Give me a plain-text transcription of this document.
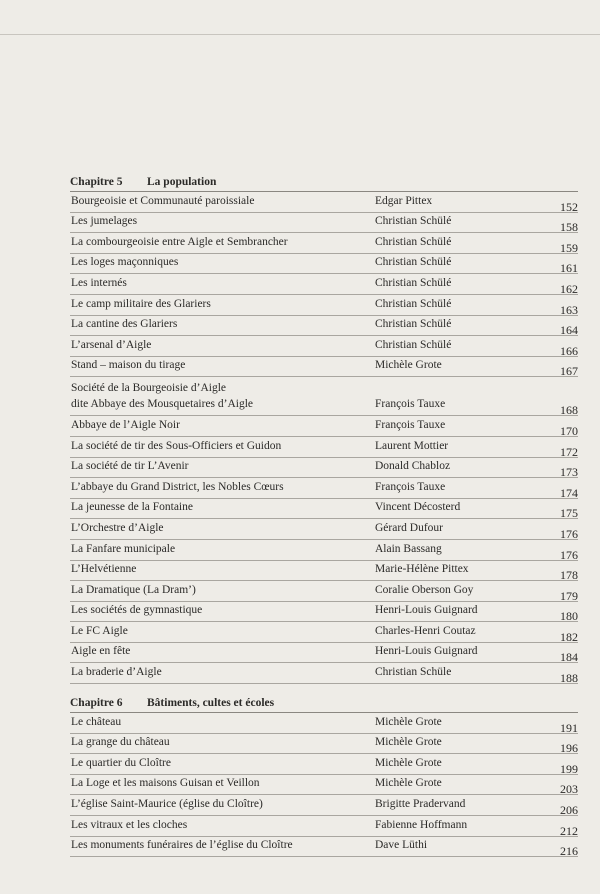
Chapitre 5 La population
Bourgeoisie et Communauté paroissiale	Edgar Pittex	152
Les jumelages	Christian Schülé	158
La combourgeoisie entre Aigle et Sembrancher	Christian Schülé	159
Les loges maçonniques	Christian Schülé	161
Les internés	Christian Schülé	162
Le camp militaire des Glariers	Christian Schülé	163
La cantine des Glariers	Christian Schülé	164
L’arsenal d’Aigle	Christian Schülé	166
Stand – maison du tirage	Michèle Grote	167
Société de la Bourgeoisie d’Aigle
dite Abbaye des Mousquetaires d’Aigle	François Tauxe	168
Abbaye de l’Aigle Noir	François Tauxe	170
La société de tir des Sous-Officiers et Guidon	Laurent Mottier	172
La société de tir L’Avenir	Donald Chabloz	173
L’abbaye du Grand District, les Nobles Cœurs	François Tauxe	174
La jeunesse de la Fontaine	Vincent Décosterd	175
L’Orchestre d’Aigle	Gérard Dufour	176
La Fanfare municipale	Alain Bassang	176
L’Helvétienne	Marie-Hélène Pittex	178
La Dramatique (La Dram’)	Coralie Oberson Goy	179
Les sociétés de gymnastique	Henri-Louis Guignard	180
Le FC Aigle	Charles-Henri Coutaz	182
Aigle en fête	Henri-Louis Guignard	184
La braderie d’Aigle	Christian Schüle	188
Chapitre 6 Bâtiments, cultes et écoles
Le château	Michèle Grote	191
La grange du château	Michèle Grote	196
Le quartier du Cloître	Michèle Grote	199
La Loge et les maisons Guisan et Veillon	Michèle Grote	203
L’église Saint-Maurice (église du Cloître)	Brigitte Pradervand	206
Les vitraux et les cloches	Fabienne Hoffmann	212
Les monuments funéraires de l’église du Cloître	Dave Lüthi	216
